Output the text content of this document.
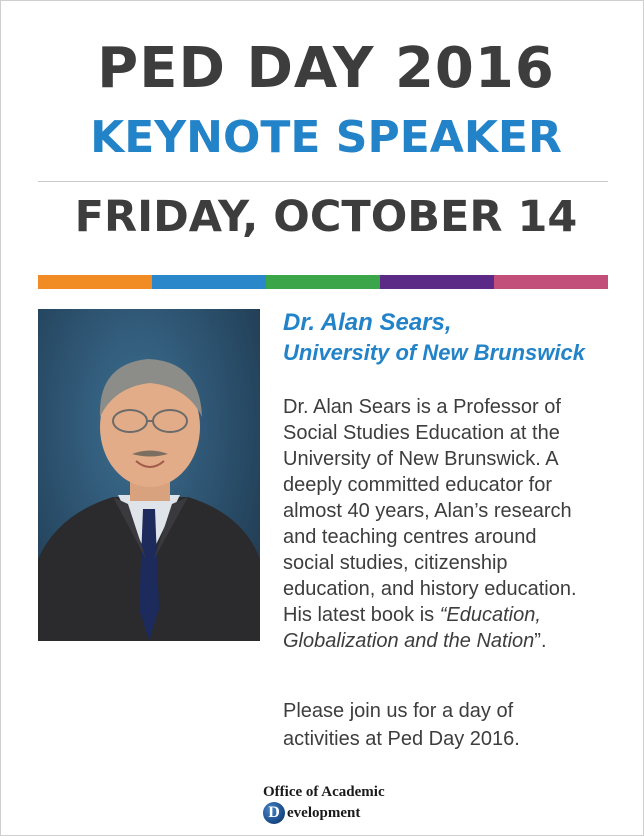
PED DAY 2016
KEYNOTE SPEAKER
FRIDAY, OCTOBER 14
Dr. Alan Sears,
University of New Brunswick
Dr. Alan Sears is a Professor of
Social Studies Education at the
University of New Brunswick. A
deeply committed educator for
almost 40 years, Alan’s research
and teaching centres around
social studies, citizenship
education, and history education.
His latest book is “Education,
Globalization and the Nation”.
Please join us for a day of
activities at Ped Day 2016.
Office of Academic
D evelopment
